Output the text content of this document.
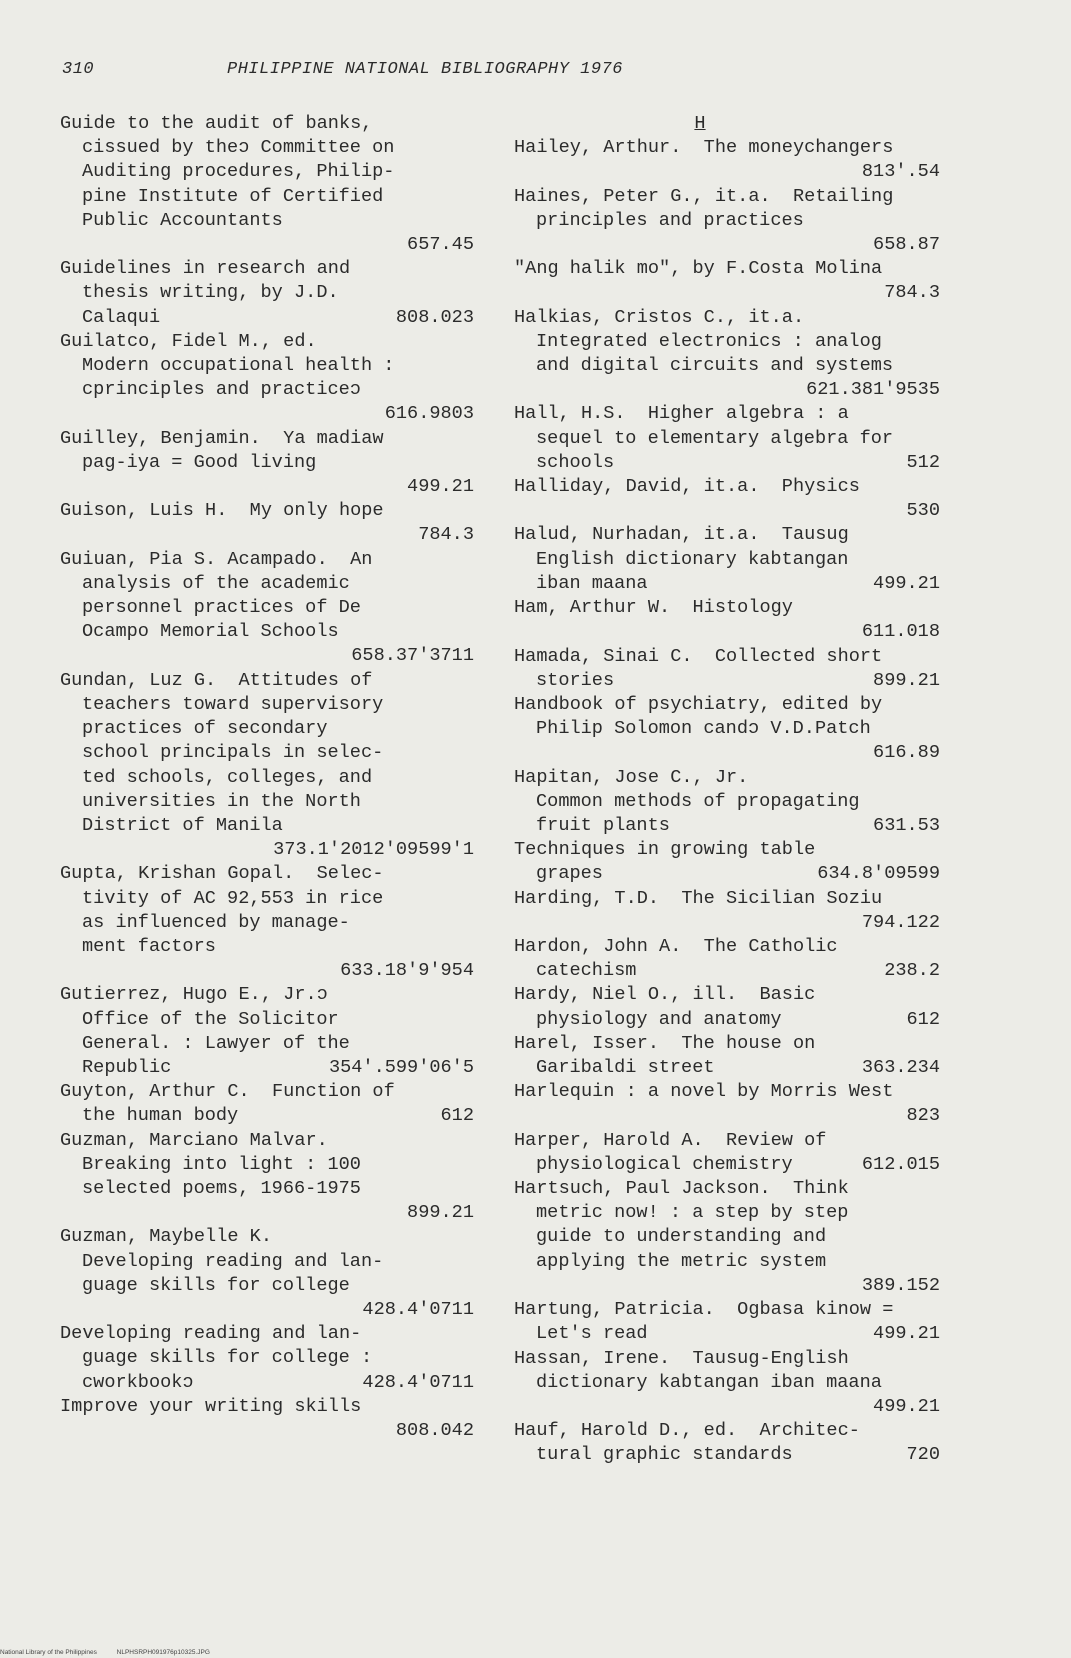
310	PHILIPPINE NATIONAL BIBLIOGRAPHY 1976
Guide to the audit of banks,
cissued by theɔ Committee on
Auditing procedures, Philip-
pine Institute of Certified
Public Accountants
657.45
Guidelines in research and
thesis writing, by J.D.
Calaqui	808.023
Guilatco, Fidel M., ed.
Modern occupational health :
cprinciples and practiceɔ
616.9803
Guilley, Benjamin.  Ya madiaw
pag-iya = Good living
499.21
Guison, Luis H.  My only hope
784.3
Guiuan, Pia S. Acampado.  An
analysis of the academic
personnel practices of De
Ocampo Memorial Schools
658.37'3711
Gundan, Luz G.  Attitudes of
teachers toward supervisory
practices of secondary
school principals in selec-
ted schools, colleges, and
universities in the North
District of Manila
373.1'2012'09599'1
Gupta, Krishan Gopal.  Selec-
tivity of AC 92,553 in rice
as influenced by manage-
ment factors
633.18'9'954
Gutierrez, Hugo E., Jr.ɔ
Office of the Solicitor
General. : Lawyer of the
Republic	354'.599'06'5
Guyton, Arthur C.  Function of
the human body	612
Guzman, Marciano Malvar.
Breaking into light : 100
selected poems, 1966-1975
899.21
Guzman, Maybelle K.
Developing reading and lan-
guage skills for college
428.4'0711
Developing reading and lan-
guage skills for college :
cworkbookɔ	428.4'0711
Improve your writing skills
808.042
H
Hailey, Arthur.  The moneychangers
813'.54
Haines, Peter G., it.a.  Retailing
principles and practices
658.87
"Ang halik mo", by F.Costa Molina
784.3
Halkias, Cristos C., it.a.
Integrated electronics : analog
and digital circuits and systems
621.381'9535
Hall, H.S.  Higher algebra : a
sequel to elementary algebra for
schools	512
Halliday, David, it.a.  Physics
530
Halud, Nurhadan, it.a.  Tausug
English dictionary kabtangan
iban maana	499.21
Ham, Arthur W.  Histology
611.018
Hamada, Sinai C.  Collected short
stories	899.21
Handbook of psychiatry, edited by
Philip Solomon candɔ V.D.Patch
616.89
Hapitan, Jose C., Jr.
Common methods of propagating
fruit plants	631.53
Techniques in growing table
grapes	634.8'09599
Harding, T.D.  The Sicilian Soziu
794.122
Hardon, John A.  The Catholic
catechism	238.2
Hardy, Niel O., ill.  Basic
physiology and anatomy	612
Harel, Isser.  The house on
Garibaldi street	363.234
Harlequin : a novel by Morris West
823
Harper, Harold A.  Review of
physiological chemistry	612.015
Hartsuch, Paul Jackson.  Think
metric now! : a step by step
guide to understanding and
applying the metric system
389.152
Hartung, Patricia.  Ogbasa kinow =
Let's read	499.21
Hassan, Irene.  Tausug-English
dictionary kabtangan iban maana
499.21
Hauf, Harold D., ed.  Architec-
tural graphic standards	720
National Library of the Philippines	NLPHSRPH091976p10325.JPG
